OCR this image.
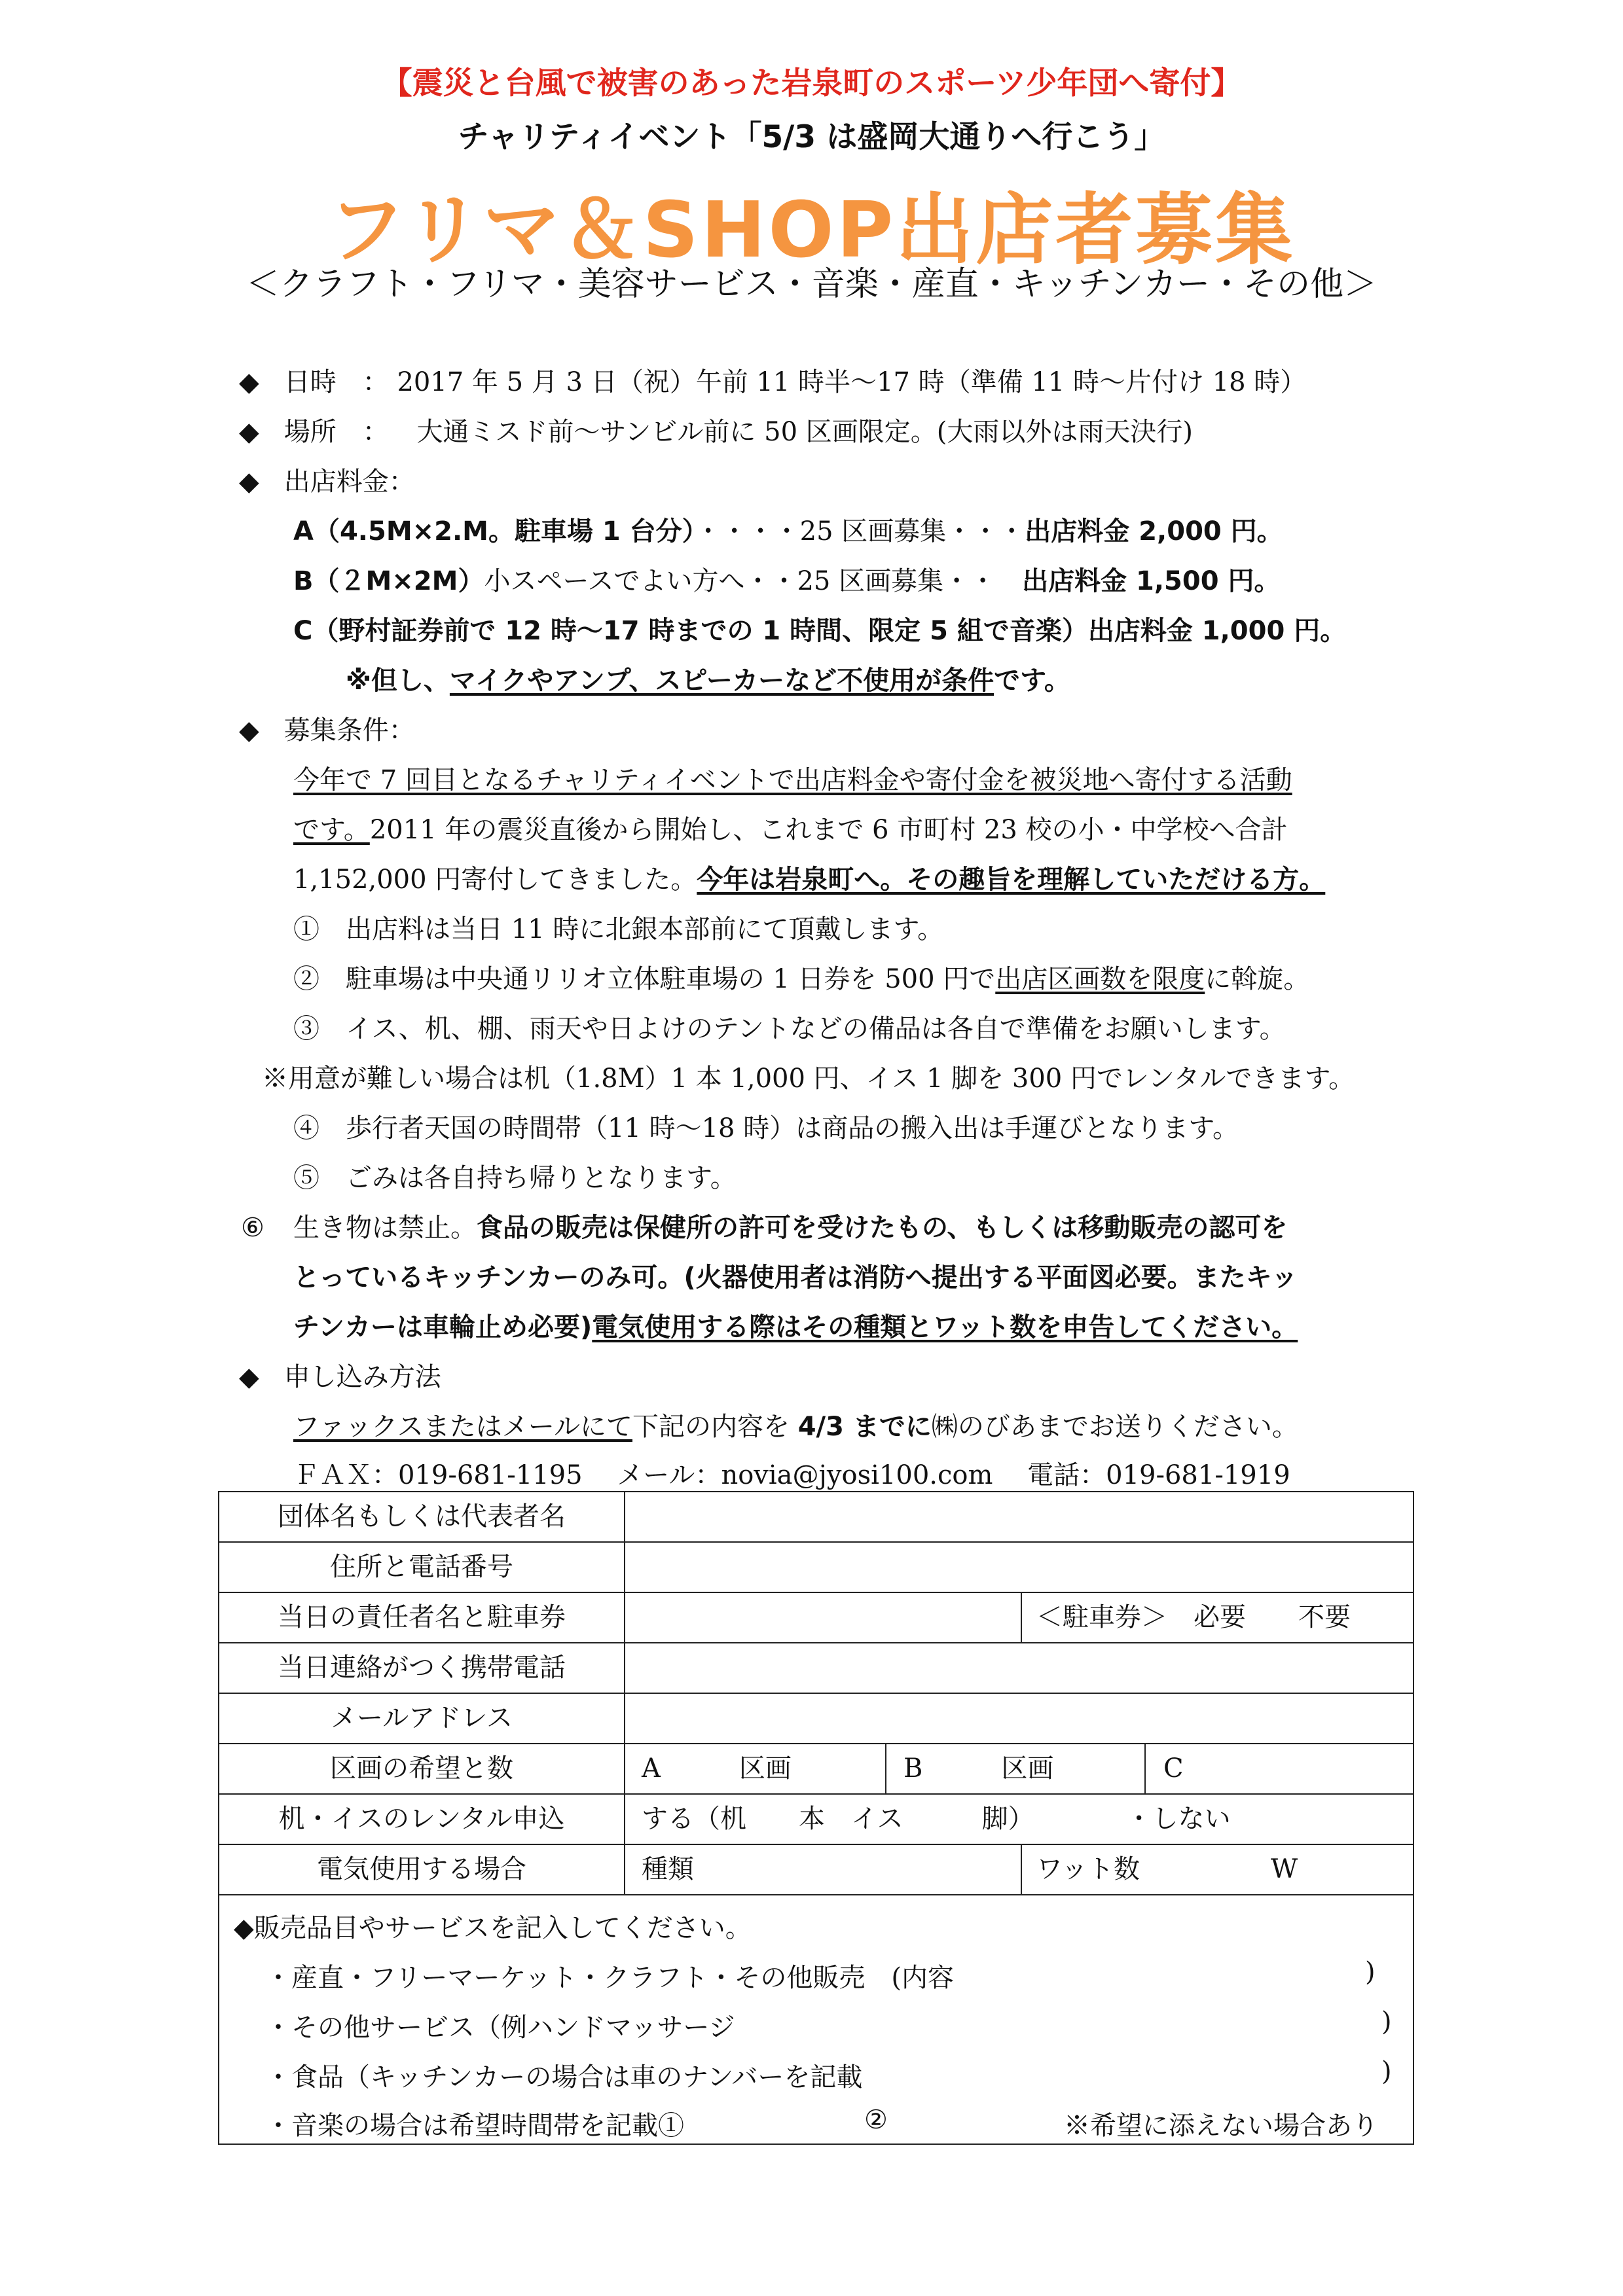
【震災と台風で被害のあった岩泉町のスポーツ少年団へ寄付】
チャリティイベント「5/3 は盛岡大通りへ行こう」
フリマ＆SHOP出店者募集
＜クラフト・フリマ・美容サービス・音楽・産直・キッチンカー・その他＞
◆ 日時　： 2017 年 5 月 3 日（祝）午前 11 時半〜17 時（準備 11 時〜片付け 18 時）
◆ 場所　： 大通ミスド前〜サンビル前に 50 区画限定。(大雨以外は雨天決行)
◆ 出店料金：
A（4.5M×2.M。駐車場 1 台分）・・・・25 区画募集・・・出店料金 2,000 円。
B（２M×2M）小スペースでよい方へ・・25 区画募集・・ 出店料金 1,500 円。
C（野村証券前で 12 時〜17 時までの 1 時間、限定 5 組で音楽）出店料金 1,000 円。
※但し、マイクやアンプ、スピーカーなど不使用が条件です。
◆ 募集条件：
今年で 7 回目となるチャリティイベントで出店料金や寄付金を被災地へ寄付する活動
です。2011 年の震災直後から開始し、これまで 6 市町村 23 校の小・中学校へ合計
1,152,000 円寄付してきました。今年は岩泉町へ。その趣旨を理解していただける方。
①　出店料は当日 11 時に北銀本部前にて頂戴します。
②　駐車場は中央通リリオ立体駐車場の 1 日券を 500 円で出店区画数を限度に斡旋。
③　イス、机、棚、雨天や日よけのテントなどの備品は各自で準備をお願いします。
※用意が難しい場合は机（1.8M）1 本 1,000 円、イス 1 脚を 300 円でレンタルできます。
④　歩行者天国の時間帯（11 時〜18 時）は商品の搬入出は手運びとなります。
⑤　ごみは各自持ち帰りとなります。
⑥ 生き物は禁止。食品の販売は保健所の許可を受けたもの、もしくは移動販売の認可を
とっているキッチンカーのみ可。(火器使用者は消防へ提出する平面図必要。またキッ
チンカーは車輪止め必要)電気使用する際はその種類とワット数を申告してください。
◆ 申し込み方法
ファックスまたはメールにて下記の内容を 4/3 までに㈱のびあまでお送りください。
ＦＡＸ：019-681-1195　 メール：novia@jyosi100.com　 電話：019-681-1919
団体名もしくは代表者名
住所と電話番号
当日の責任者名と駐車券	＜駐車券＞　必要　　不要
当日連絡がつく携帯電話
メールアドレス
区画の希望と数	A　　　区画	B　　　区画	C
机・イスのレンタル申込	する（机　　本　イス　　　脚）　　　　・しない
電気使用する場合	種類	ワット数　　　　　W
◆販売品目やサービスを記入してください。
・産直・フリーマーケット・クラフト・その他販売　(内容	)
・その他サービス（例ハンドマッサージ	)
・食品（キッチンカーの場合は車のナンバーを記載	)
・音楽の場合は希望時間帯を記載①	②	※希望に添えない場合あり
